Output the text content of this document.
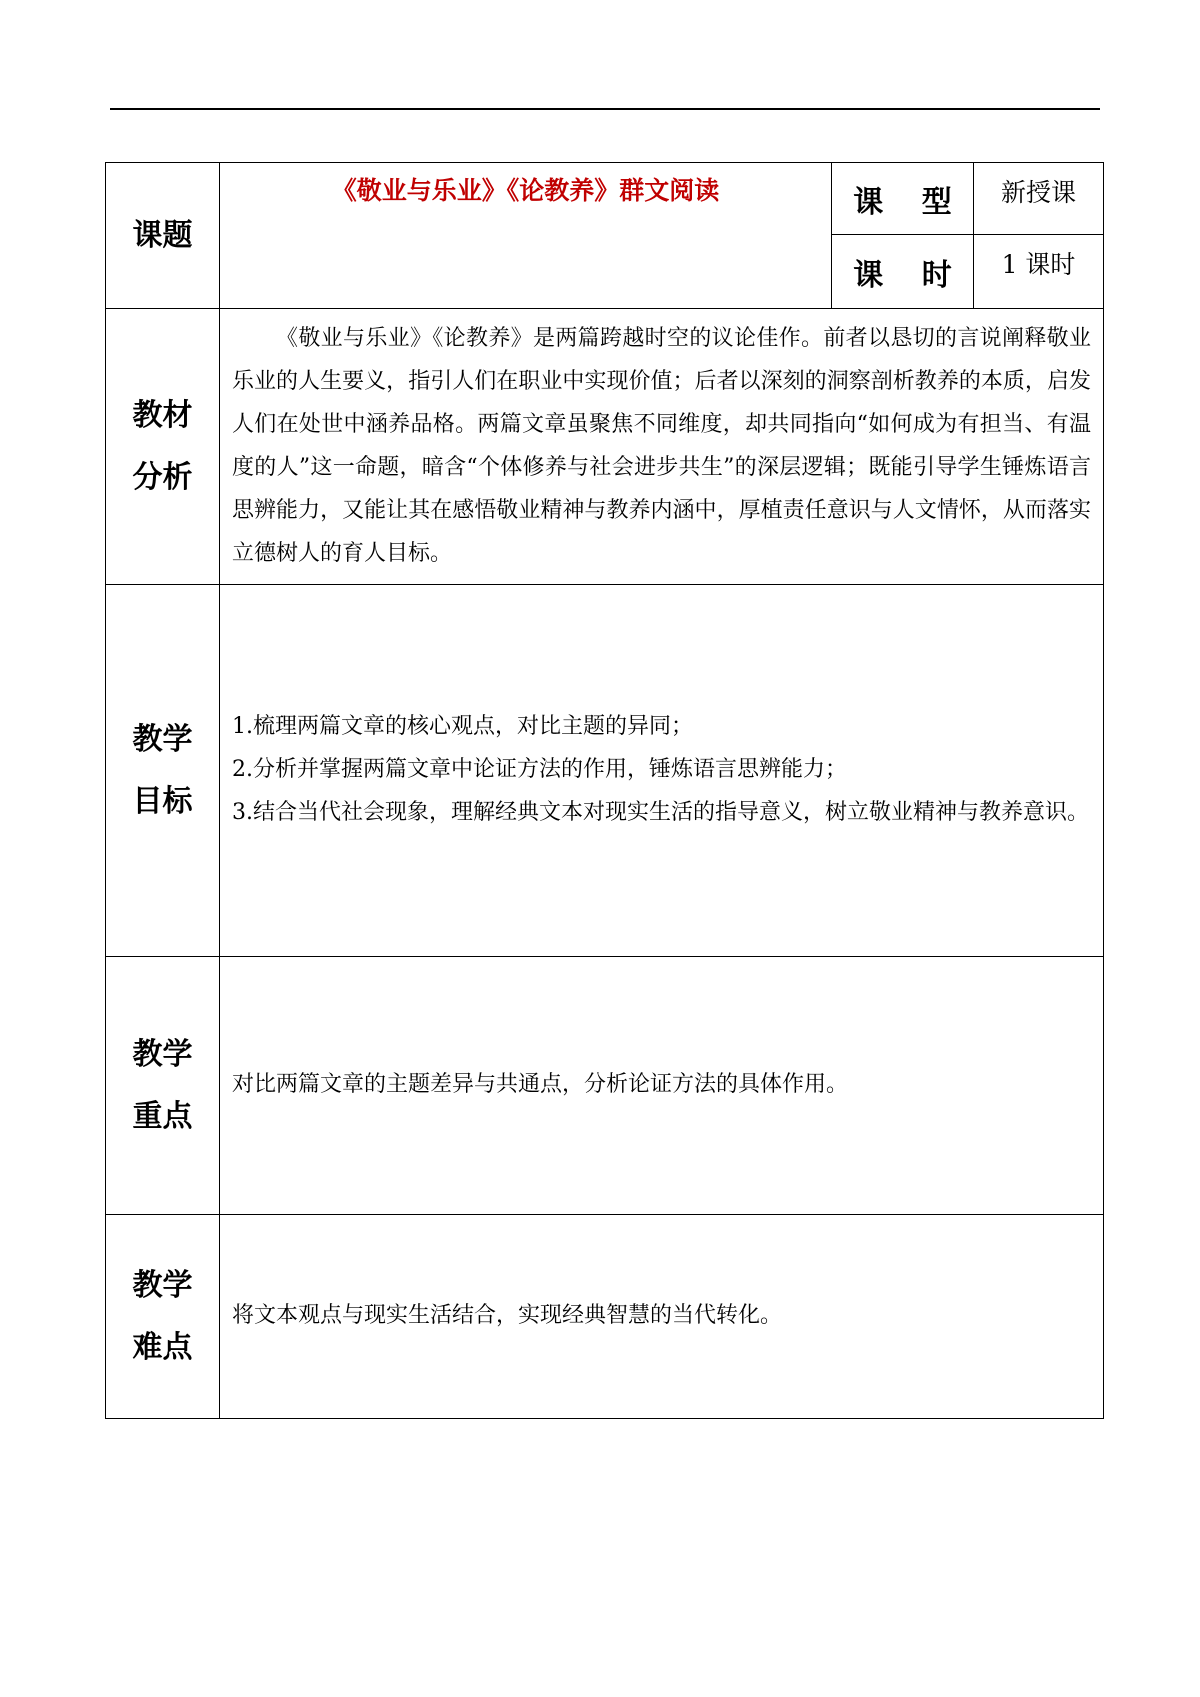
课题	《敬业与乐业》《论教养》群文阅读	课 型	新授课
		课 时	1 课时

教材
分析	《敬业与乐业》《论教养》是两篇跨越时空的议论佳作。前者以恳切的言说阐释敬业乐业的人生要义，指引人们在职业中实现价值；后者以深刻的洞察剖析教养的本质，启发人们在处世中涵养品格。两篇文章虽聚焦不同维度，却共同指向“如何成为有担当、有温度的人”这一命题，暗含“个体修养与社会进步共生”的深层逻辑；既能引导学生锤炼语言思辨能力，又能让其在感悟敬业精神与教养内涵中，厚植责任意识与人文情怀，从而落实立德树人的育人目标。		

教学
目标	1.梳理两篇文章的核心观点，对比主题的异同；
2.分析并掌握两篇文章中论证方法的作用，锤炼语言思辨能力；
3.结合当代社会现象，理解经典文本对现实生活的指导意义，树立敬业精神与教养意识。		

教学
重点	对比两篇文章的主题差异与共通点，分析论证方法的具体作用。		

教学
难点	将文本观点与现实生活结合，实现经典智慧的当代转化。		
